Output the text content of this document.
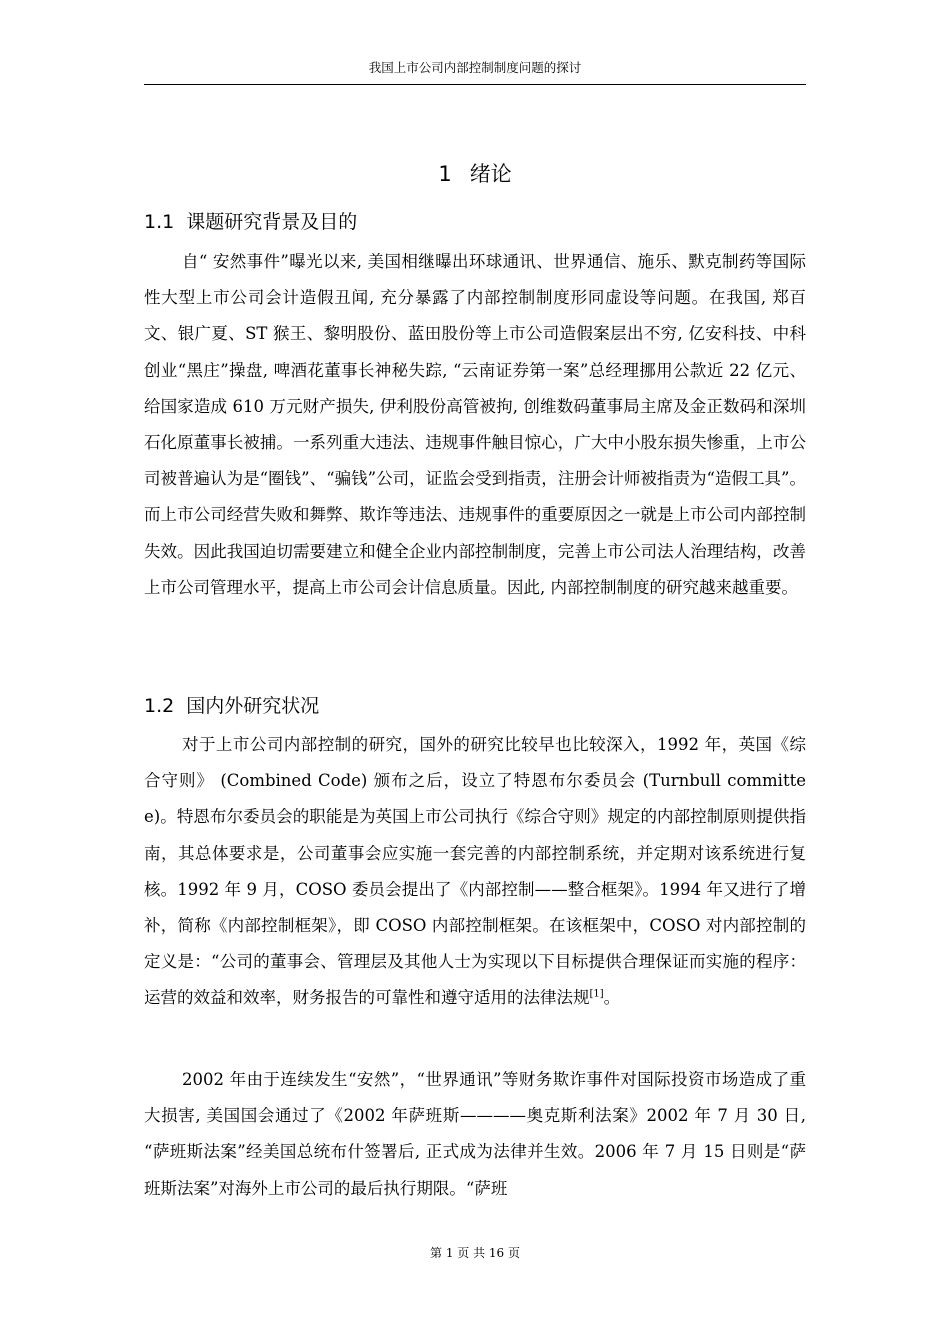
我国上市公司内部控制制度问题的探讨
1 绪论
1.1 课题研究背景及目的

自“ 安然事件”曝光以来, 美国相继曝出环球通讯、世界通信、施乐、默克制药等国际性大型上市公司会计造假丑闻, 充分暴露了内部控制制度形同虚设等问题。在我国, 郑百文、银广夏、ST 猴王、黎明股份、蓝田股份等上市公司造假案层出不穷, 亿安科技、中科创业“黑庄”操盘, 啤酒花董事长神秘失踪, “云南证券第一案”总经理挪用公款近 22 亿元、给国家造成 610 万元财产损失, 伊利股份高管被拘, 创维数码董事局主席及金正数码和深圳石化原董事长被捕。一系列重大违法、违规事件触目惊心，广大中小股东损失惨重，上市公司被普遍认为是“圈钱”、“骗钱”公司，证监会受到指责，注册会计师被指责为“造假工具”。而上市公司经营失败和舞弊、欺诈等违法、违规事件的重要原因之一就是上市公司内部控制失效。因此我国迫切需要建立和健全企业内部控制制度，完善上市公司法人治理结构，改善上市公司管理水平，提高上市公司会计信息质量。因此, 内部控制制度的研究越来越重要。

1.2 国内外研究状况

对于上市公司内部控制的研究，国外的研究比较早也比较深入，1992 年，英国《综合守则》 (Combined Code) 颁布之后，设立了特恩布尔委员会 (Turnbull committee)。特恩布尔委员会的职能是为英国上市公司执行《综合守则》规定的内部控制原则提供指南，其总体要求是，公司董事会应实施一套完善的内部控制系统，并定期对该系统进行复核。1992 年 9 月，COSO 委员会提出了《内部控制——整合框架》。1994 年又进行了增补，简称《内部控制框架》，即 COSO 内部控制框架。在该框架中，COSO 对内部控制的定义是：“公司的董事会、管理层及其他人士为实现以下目标提供合理保证而实施的程序：运营的效益和效率，财务报告的可靠性和遵守适用的法律法规[1]。

2002 年由于连续发生“安然”，“世界通讯”等财务欺诈事件对国际投资市场造成了重大损害, 美国国会通过了《2002 年萨班斯————奥克斯利法案》2002 年 7 月 30 日, “萨班斯法案”经美国总统布什签署后, 正式成为法律并生效。2006 年 7 月 15 日则是“萨班斯法案”对海外上市公司的最后执行期限。“萨班

第 1 页 共 16 页
